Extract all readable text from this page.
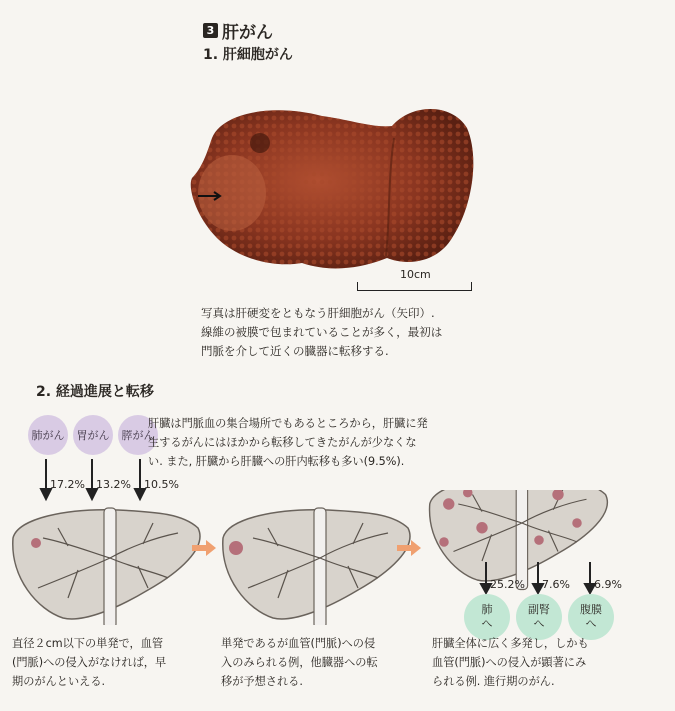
3 肝がん
1. 肝細胞がん
10cm
写真は肝硬変をともなう肝細胞がん（矢印）.
線維の被膜で包まれていることが多く，最初は
門脈を介して近くの臓器に転移する.
2. 経過進展と転移
肺がん	胃がん	膵がん
17.2% 13.2% 10.5%
肝臓は門脈血の集合場所でもあるところから，肝臓に発
生するがんにはほかから転移してきたがんが少なくな
い. また, 肝臓から肝臓への肝内転移も多い(9.5%).
25.2% 7.6% 6.9%
肺
へ
副腎
へ
腹膜
へ
直径２cm以下の単発で，血管
(門脈)への侵入がなければ，早
期のがんといえる.
単発であるが血管(門脈)への侵
入のみられる例，他臓器への転
移が予想される.
肝臓全体に広く多発し，しかも
血管(門脈)への侵入が顕著にみ
られる例. 進行期のがん.
